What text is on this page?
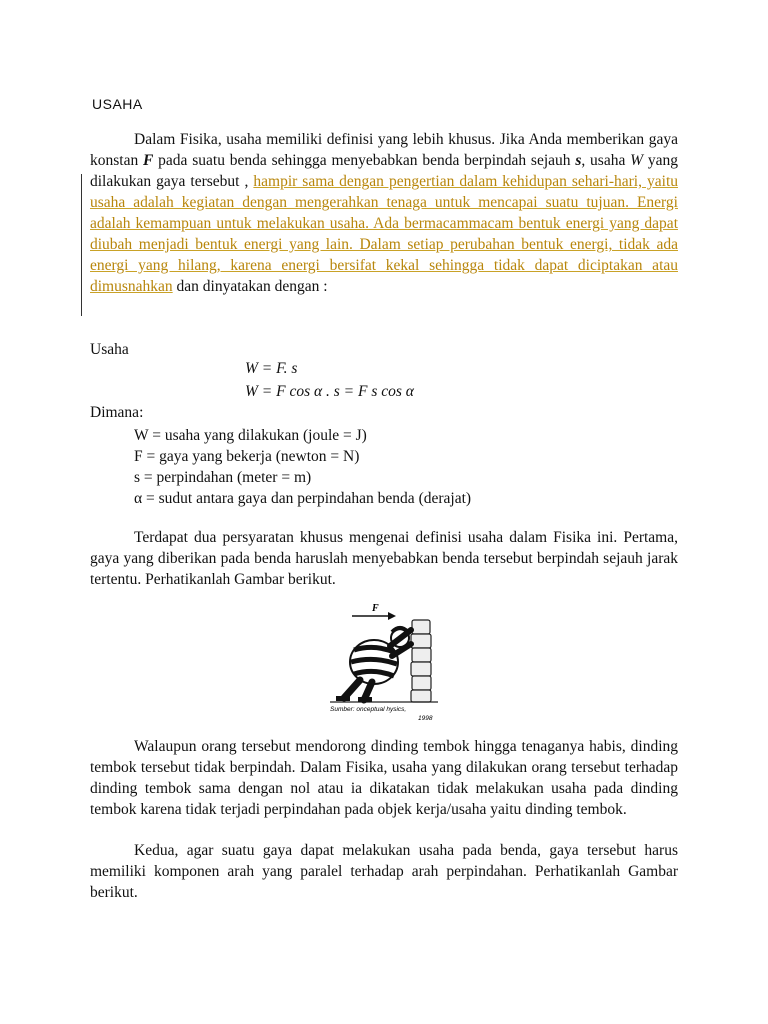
USAHA

Dalam Fisika, usaha memiliki definisi yang lebih khusus. Jika Anda memberikan gaya konstan F pada suatu benda sehingga menyebabkan benda berpindah sejauh s, usaha W yang dilakukan gaya tersebut , hampir sama dengan pengertian dalam kehidupan sehari-hari, yaitu usaha adalah kegiatan dengan mengerahkan tenaga untuk mencapai suatu tujuan. Energi adalah kemampuan untuk melakukan usaha. Ada bermacammacam bentuk energi yang dapat diubah menjadi bentuk energi yang lain. Dalam setiap perubahan bentuk energi, tidak ada energi yang hilang, karena energi bersifat kekal sehingga tidak dapat diciptakan atau dimusnahkan dan dinyatakan dengan :

Usaha
W = F. s
W = F cos α . s = F s cos α
Dimana:
W = usaha yang dilakukan (joule = J)
F = gaya yang bekerja (newton = N)
s = perpindahan (meter = m)
α = sudut antara gaya dan perpindahan benda (derajat)

Terdapat dua persyaratan khusus mengenai definisi usaha dalam Fisika ini. Pertama, gaya yang diberikan pada benda haruslah menyebabkan benda tersebut berpindah sejauh jarak tertentu. Perhatikanlah Gambar berikut.

F
Sumber: onceptual hysics,
1998

Walaupun orang tersebut mendorong dinding tembok hingga tenaganya habis, dinding tembok tersebut tidak berpindah. Dalam Fisika, usaha yang dilakukan orang tersebut terhadap dinding tembok sama dengan nol atau ia dikatakan tidak melakukan usaha pada dinding tembok karena tidak terjadi perpindahan pada objek kerja/usaha yaitu dinding tembok.

Kedua, agar suatu gaya dapat melakukan usaha pada benda, gaya tersebut harus memiliki komponen arah yang paralel terhadap arah perpindahan. Perhatikanlah Gambar berikut.
